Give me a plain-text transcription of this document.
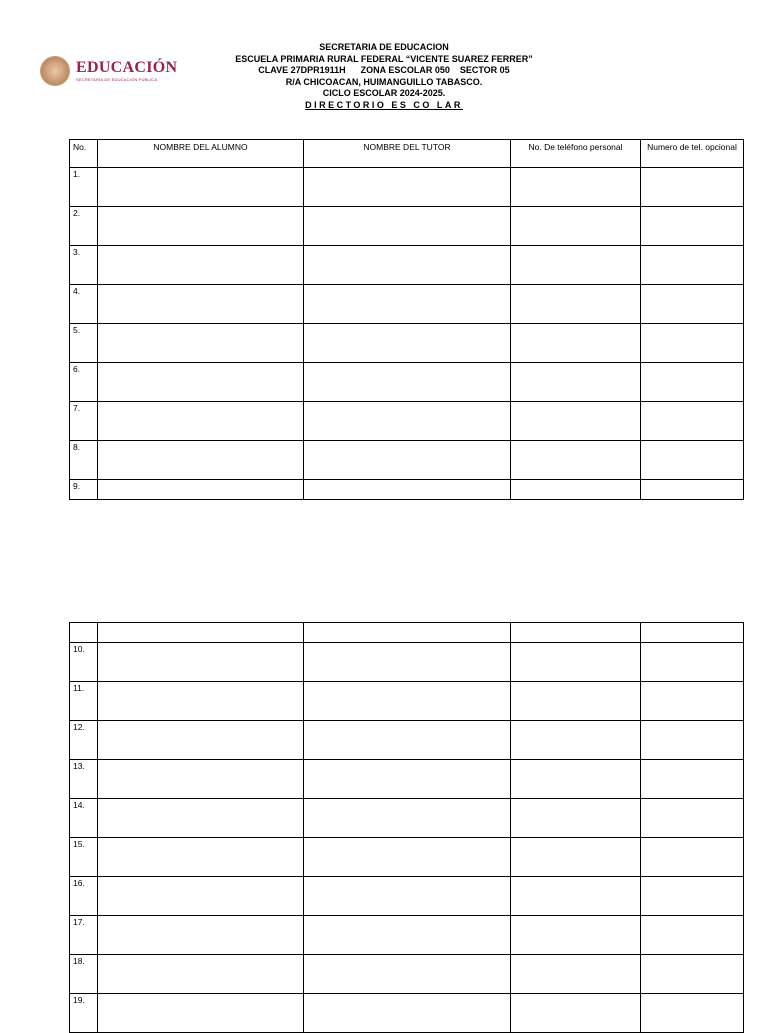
EDUCACIÓN
SECRETARÍA DE EDUCACIÓN PÚBLICA
SECRETARIA DE EDUCACION
ESCUELA PRIMARIA RURAL FEDERAL “VICENTE SUAREZ FERRER”
CLAVE 27DPR1911H      ZONA ESCOLAR 050    SECTOR 05
R/A CHICOACAN, HUIMANGUILLO TABASCO.
CICLO ESCOLAR 2024-2025.
DIRECTORIO ES CO LAR
No.	NOMBRE DEL ALUMNO	NOMBRE DEL TUTOR	No. De teléfono personal	Numero de tel. opcional
1.				
2.				
3.				
4.				
5.				
6.				
7.				
8.				
9.				

10.				
11.				
12.				
13.				
14.				
15.				
16.				
17.				
18.				
19.				
